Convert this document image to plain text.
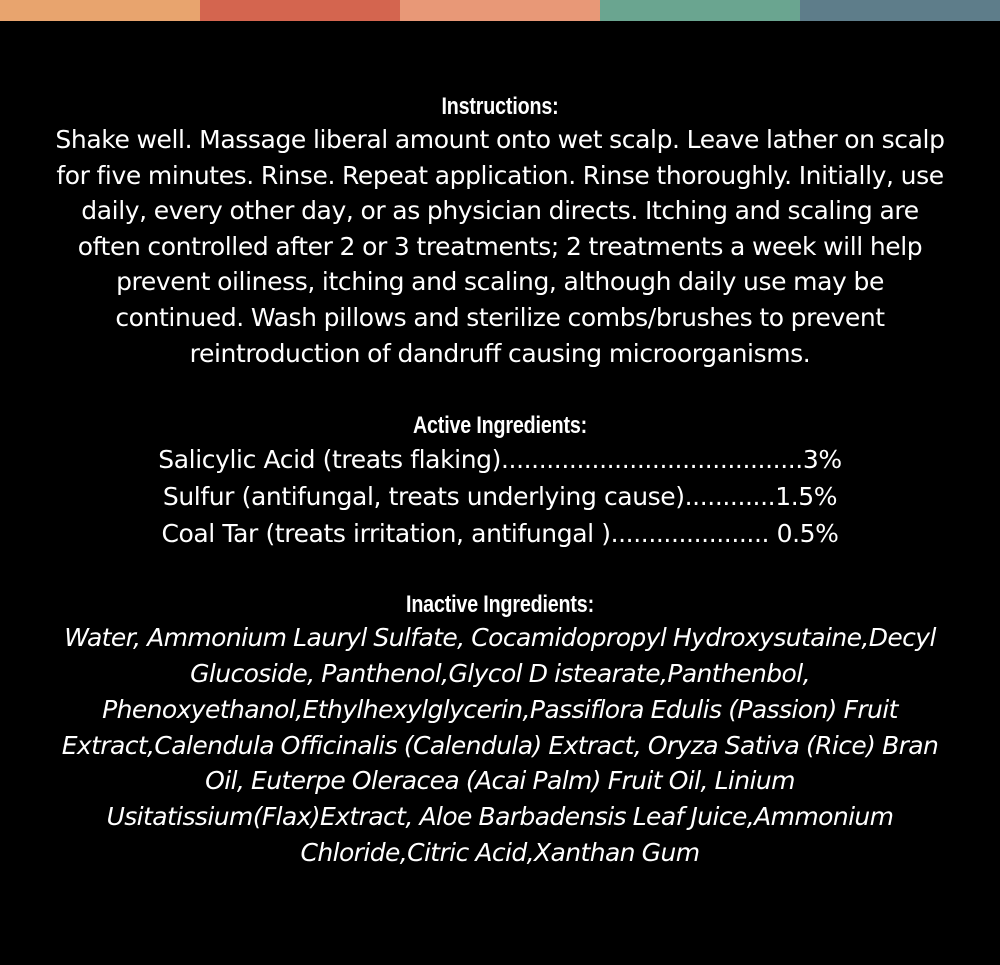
Instructions:
Shake well. Massage liberal amount onto wet scalp. Leave lather on scalp for five minutes. Rinse. Repeat application. Rinse thoroughly. Initially, use daily, every other day, or as physician directs. Itching and scaling are often controlled after 2 or 3 treatments; 2 treatments a week will help prevent oiliness, itching and scaling, although daily use may be continued. Wash pillows and sterilize combs/brushes to prevent reintroduction of dandruff causing microorganisms.
Active Ingredients:
Salicylic Acid (treats flaking)........................................3%
Sulfur (antifungal, treats underlying cause)............1.5%
Coal Tar (treats irritation, antifungal )..................... 0.5%
Inactive Ingredients:
Water, Ammonium Lauryl Sulfate, Cocamidopropyl Hydroxysutaine,Decyl Glucoside, Panthenol,Glycol D istearate,Panthenbol, Phenoxyethanol,Ethylhexylglycerin,Passiflora Edulis (Passion) Fruit Extract,Calendula Officinalis (Calendula) Extract, Oryza Sativa (Rice) Bran Oil, Euterpe Oleracea (Acai Palm) Fruit Oil, Linium Usitatissium(Flax)Extract, Aloe Barbadensis Leaf Juice,Ammonium Chloride,Citric Acid,Xanthan Gum
